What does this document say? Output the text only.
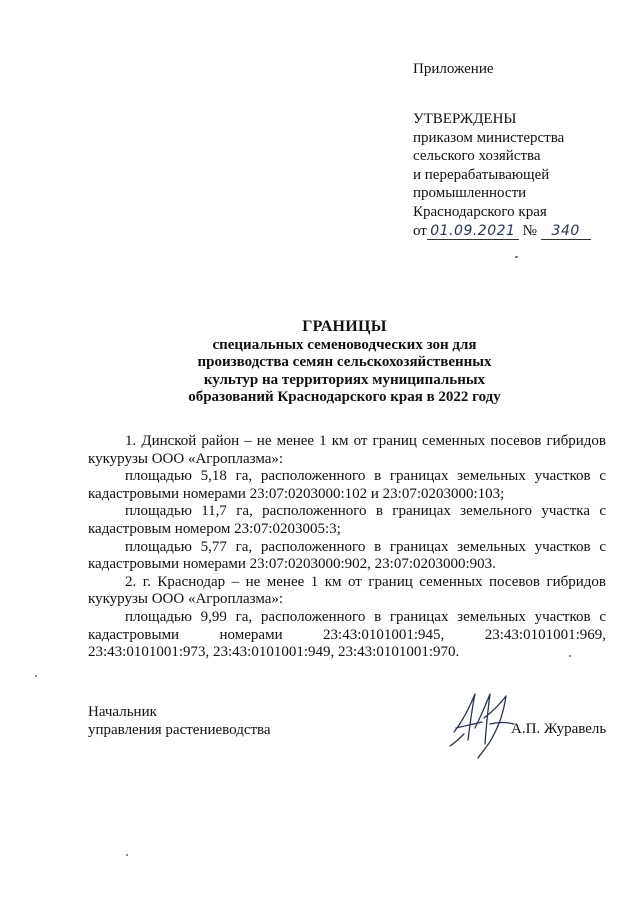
Приложение
УТВЕРЖДЕНЫ
приказом министерства
сельского хозяйства
и перерабатывающей
промышленности
Краснодарского края
от 01.09.2021 № 340
ГРАНИЦЫ
специальных семеноводческих зон для
производства семян сельскохозяйственных
культур на территориях муниципальных
образований Краснодарского края в 2022 году

1. Динской район – не менее 1 км от границ семенных посевов гибридов кукурузы ООО «Агроплазма»:

площадью 5,18 га, расположенного в границах земельных участков с кадастровыми номерами 23:07:0203000:102 и 23:07:0203000:103;

площадью 11,7 га, расположенного в границах земельного участка с кадастровым номером 23:07:0203005:3;

площадью 5,77 га, расположенного в границах земельных участков с кадастровыми номерами 23:07:0203000:902, 23:07:0203000:903.

2. г. Краснодар – не менее 1 км от границ семенных посевов гибридов кукурузы ООО «Агроплазма»:

площадью 9,99 га, расположенного в границах земельных участков с кадастровыми номерами 23:43:0101001:945, 23:43:0101001:969,

23:43:0101001:973, 23:43:0101001:949, 23:43:0101001:970.

Начальник
управления растениеводства	А.П. Журавель
